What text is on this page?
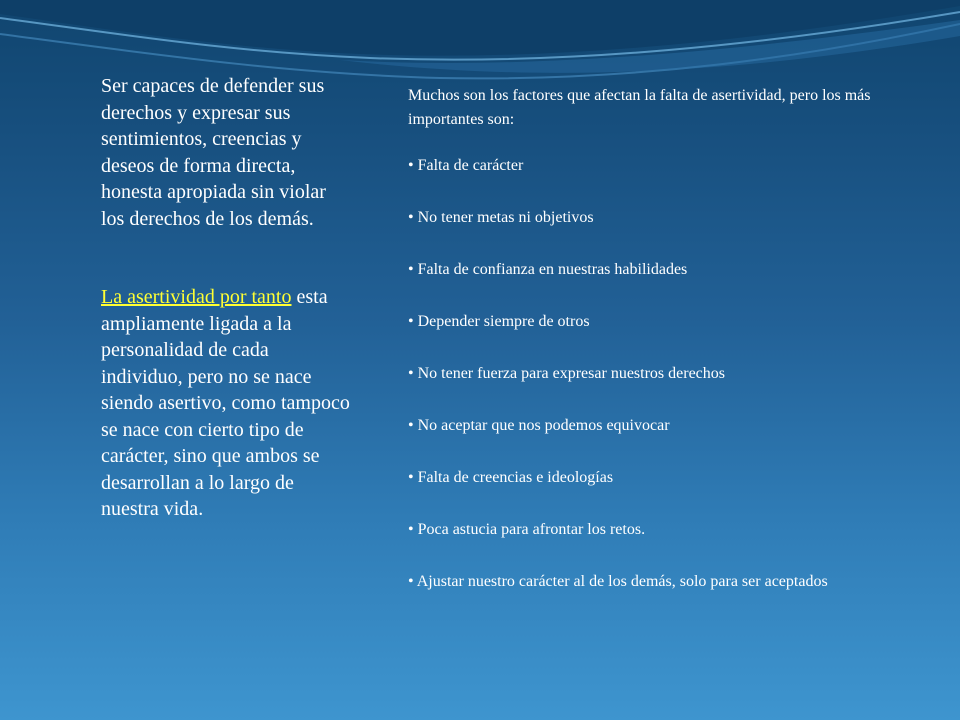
Ser capaces de defender sus derechos y expresar sus sentimientos, creencias y deseos de forma directa, honesta apropiada sin violar los derechos de los demás.

La asertividad por tanto esta ampliamente ligada a la personalidad de cada individuo, pero no se nace siendo asertivo, como tampoco se nace con cierto tipo de carácter, sino que ambos se desarrollan a lo largo de nuestra vida.

Muchos son los factores que afectan la falta de asertividad, pero los más importantes son:

• Falta de carácter
• No tener metas ni objetivos
• Falta de confianza en nuestras habilidades
• Depender siempre de otros
• No tener fuerza para expresar nuestros derechos
• No aceptar que nos podemos equivocar
• Falta de creencias e ideologías
• Poca astucia para afrontar los retos.
• Ajustar nuestro carácter al de los demás, solo para ser aceptados
